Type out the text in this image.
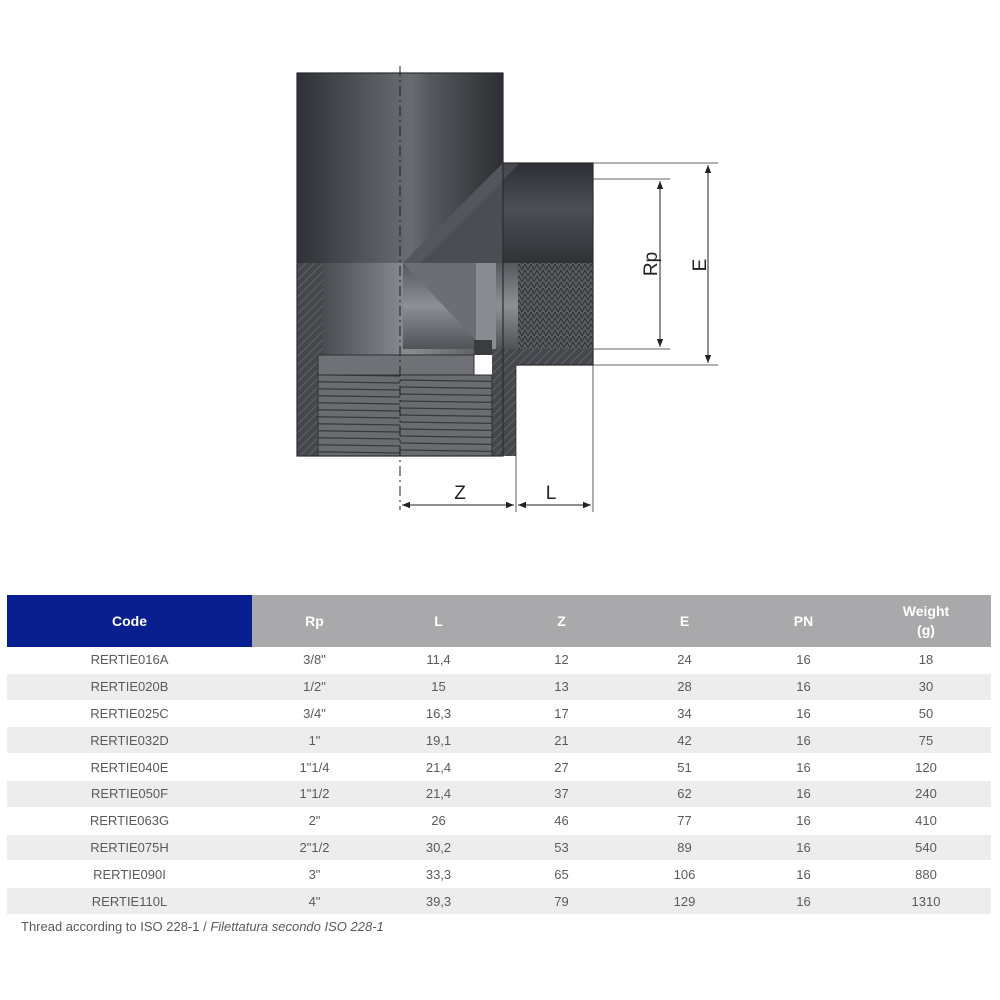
Rp E
Z	L
Code	Rp	L	Z	E	PN	Weight
(g)
RERTIE016A	3/8"	11,4	12	24	16	18
RERTIE020B	1/2"	15	13	28	16	30
RERTIE025C	3/4"	16,3	17	34	16	50
RERTIE032D	1"	19,1	21	42	16	75
RERTIE040E	1"1/4	21,4	27	51	16	120
RERTIE050F	1"1/2	21,4	37	62	16	240
RERTIE063G	2"	26	46	77	16	410
RERTIE075H	2"1/2	30,2	53	89	16	540
RERTIE090I	3"	33,3	65	106	16	880
RERTIE110L	4"	39,3	79	129	16	1310
Thread according to ISO 228-1 / Filettatura secondo ISO 228-1
